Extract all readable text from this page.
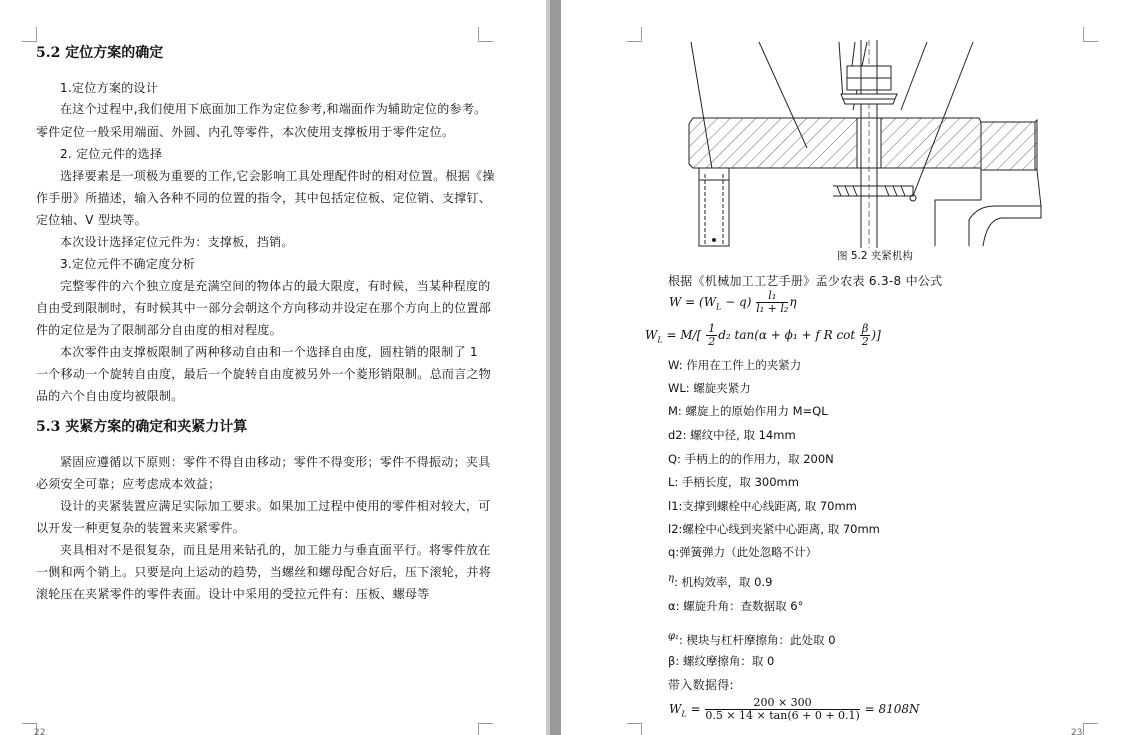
5.2 定位方案的确定
1.定位方案的设计
在这个过程中,我们使用下底面加工作为定位参考,和端面作为辅助定位的参考。
零件定位一般采用端面、外圆、内孔等零件，本次使用支撑板用于零件定位。
2. 定位元件的选择
选择要素是一项极为重要的工作,它会影响工具处理配件时的相对位置。根据《操
作手册》所描述，输入各种不同的位置的指令，其中包括定位板、定位销、支撑钉、
定位轴、V 型块等。
本次设计选择定位元件为：支撑板，挡销。
3.定位元件不确定度分析
完整零件的六个独立度是充满空间的物体占的最大限度，有时候，当某种程度的
自由受到限制时，有时候其中一部分会朝这个方向移动并设定在那个方向上的位置部
件的定位是为了限制部分自由度的相对程度。
本次零件由支撑板限制了两种移动自由和一个选择自由度，圆柱销的限制了 1
一个移动一个旋转自由度，最后一个旋转自由度被另外一个菱形销限制。总而言之物
品的六个自由度均被限制。
5.3 夹紧方案的确定和夹紧力计算
紧固应遵循以下原则：零件不得自由移动；零件不得变形；零件不得振动；夹具
必须安全可靠；应考虑成本效益；
设计的夹紧装置应满足实际加工要求。如果加工过程中使用的零件相对较大，可
以开发一种更复杂的装置来夹紧零件。
夹具相对不是很复杂，而且是用来钻孔的，加工能力与垂直面平行。将零件放在
一侧和两个销上。只要是向上运动的趋势，当螺丝和螺母配合好后，压下滚轮，并将
滚轮压在夹紧零件的零件表面。设计中采用的受拉元件有：压板、螺母等
22
图 5.2 夹紧机构
根据《机械加工工艺手册》孟少农表 6.3-8 中公式
$W = (W_L - q) \frac{\text{l₁}}{\text{l₁ + l₂}}$ η
$W_L = M/[ \frac{1}{2} d_2$ tan(α + ϕ₁ + f R $\cot \frac{\beta}{2}$ )]
W: 作用在工件上的夹紧力
WL: 螺旋夹紧力
M: 螺旋上的原始作用力 M=QL
d2: 螺纹中径, 取 14mm
Q: 手柄上的的作用力，取 200N
L: 手柄长度，取 300mm
l1:支撑到螺栓中心线距离, 取 70mm
l2:螺栓中心线到夹紧中心距离, 取 70mm
q:弹簧弹力（此处忽略不计）
η: 机构效率，取 0.9
α: 螺旋升角：查数据取 6°
φ₁: 楔块与杠杆摩擦角：此处取 0
β: 螺纹摩擦角：取 0
带入数据得:
$W_L = \frac{200 \times 300}{0.5 \times 14 \times \tan(6 + 0 + 0.1)} = 8108N$
23
